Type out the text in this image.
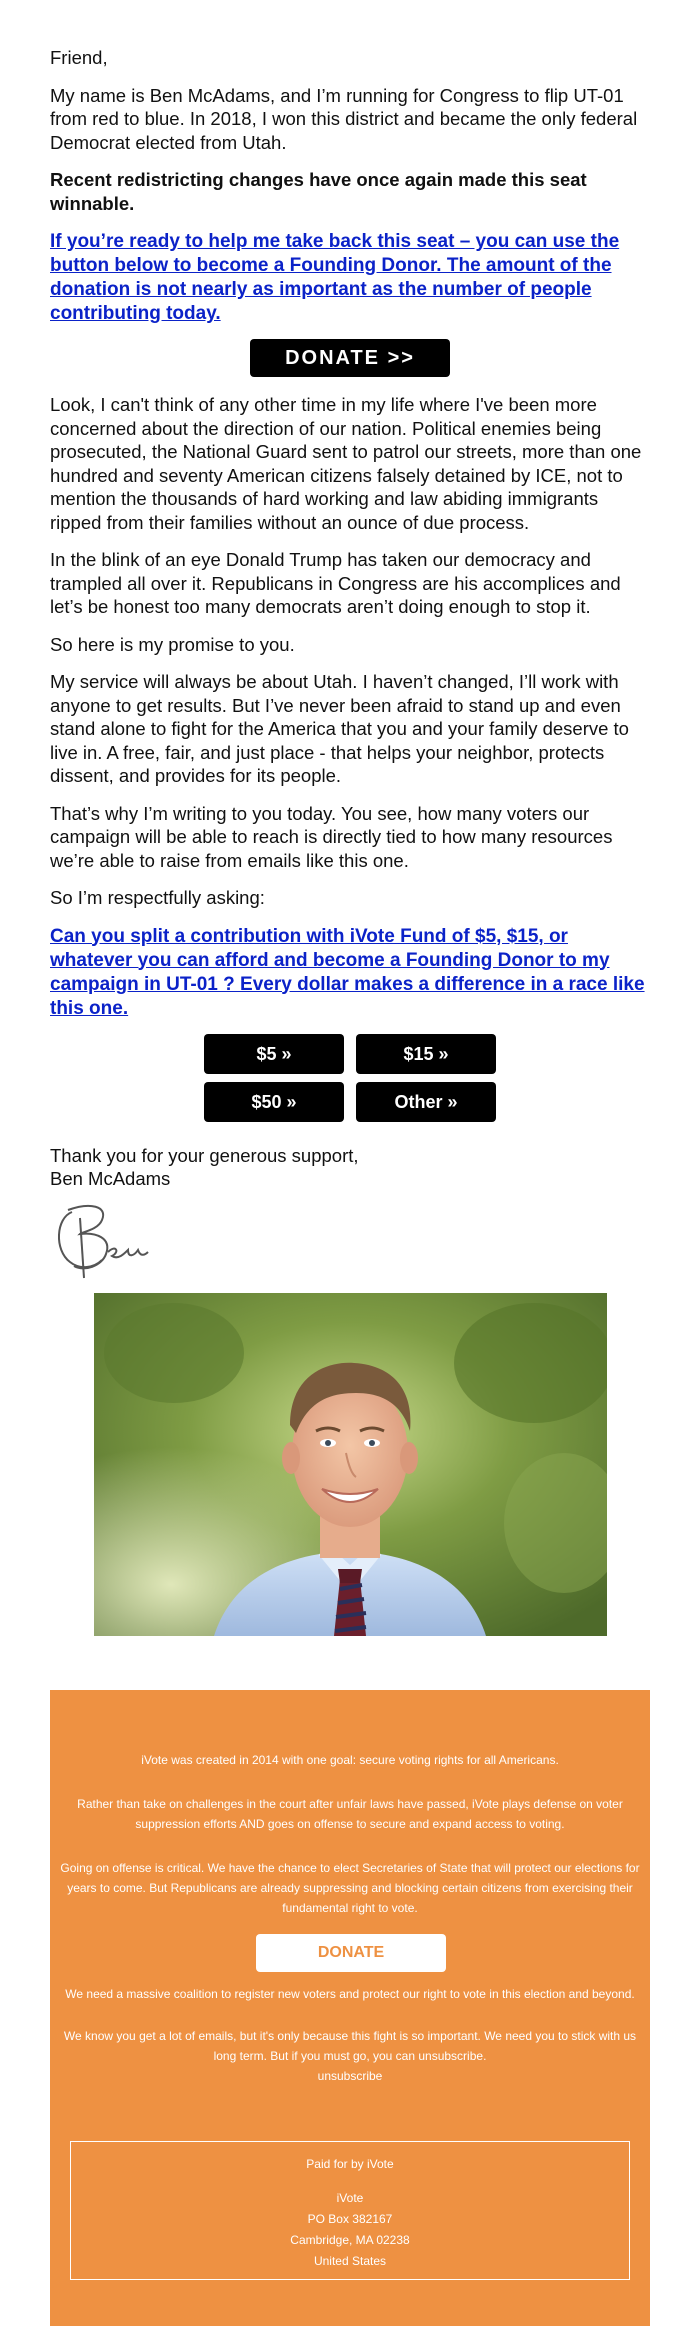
Friend,

My name is Ben McAdams, and I’m running for Congress to flip UT-01 from red to blue. In 2018, I won this district and became the only federal Democrat elected from Utah.

Recent redistricting changes have once again made this seat winnable.

If you’re ready to help me take back this seat – you can use the button below to become a Founding Donor. The amount of the donation is not nearly as important as the number of people contributing today.

DONATE >>

Look, I can't think of any other time in my life where I've been more concerned about the direction of our nation. Political enemies being prosecuted, the National Guard sent to patrol our streets, more than one hundred and seventy American citizens falsely detained by ICE, not to mention the thousands of hard working and law abiding immigrants ripped from their families without an ounce of due process.

In the blink of an eye Donald Trump has taken our democracy and trampled all over it. Republicans in Congress are his accomplices and let’s be honest too many democrats aren’t doing enough to stop it.

So here is my promise to you.

My service will always be about Utah. I haven’t changed, I’ll work with anyone to get results. But I’ve never been afraid to stand up and even stand alone to fight for the America that you and your family deserve to live in. A free, fair, and just place - that helps your neighbor, protects dissent, and provides for its people.

That’s why I’m writing to you today. You see, how many voters our campaign will be able to reach is directly tied to how many resources we’re able to raise from emails like this one.

So I’m respectfully asking:

Can you split a contribution with iVote Fund of $5, $15, or whatever you can afford and become a Founding Donor to my campaign in UT-01 ? Every dollar makes a difference in a race like this one.

$5 »	$15 »
$50 »	Other »
Thank you for your generous support,
Ben McAdams

iVote was created in 2014 with one goal: secure voting rights for all Americans.

Rather than take on challenges in the court after unfair laws have passed, iVote plays defense on voter suppression efforts AND goes on offense to secure and expand access to voting.

Going on offense is critical. We have the chance to elect Secretaries of State that will protect our elections for years to come. But Republicans are already suppressing and blocking certain citizens from exercising their fundamental right to vote.

DONATE

We need a massive coalition to register new voters and protect our right to vote in this election and beyond.

We know you get a lot of emails, but it's only because this fight is so important. We need you to stick with us long term. But if you must go, you can unsubscribe.

unsubscribe
Paid for by iVote
iVote
PO Box 382167
Cambridge, MA 02238
United States
